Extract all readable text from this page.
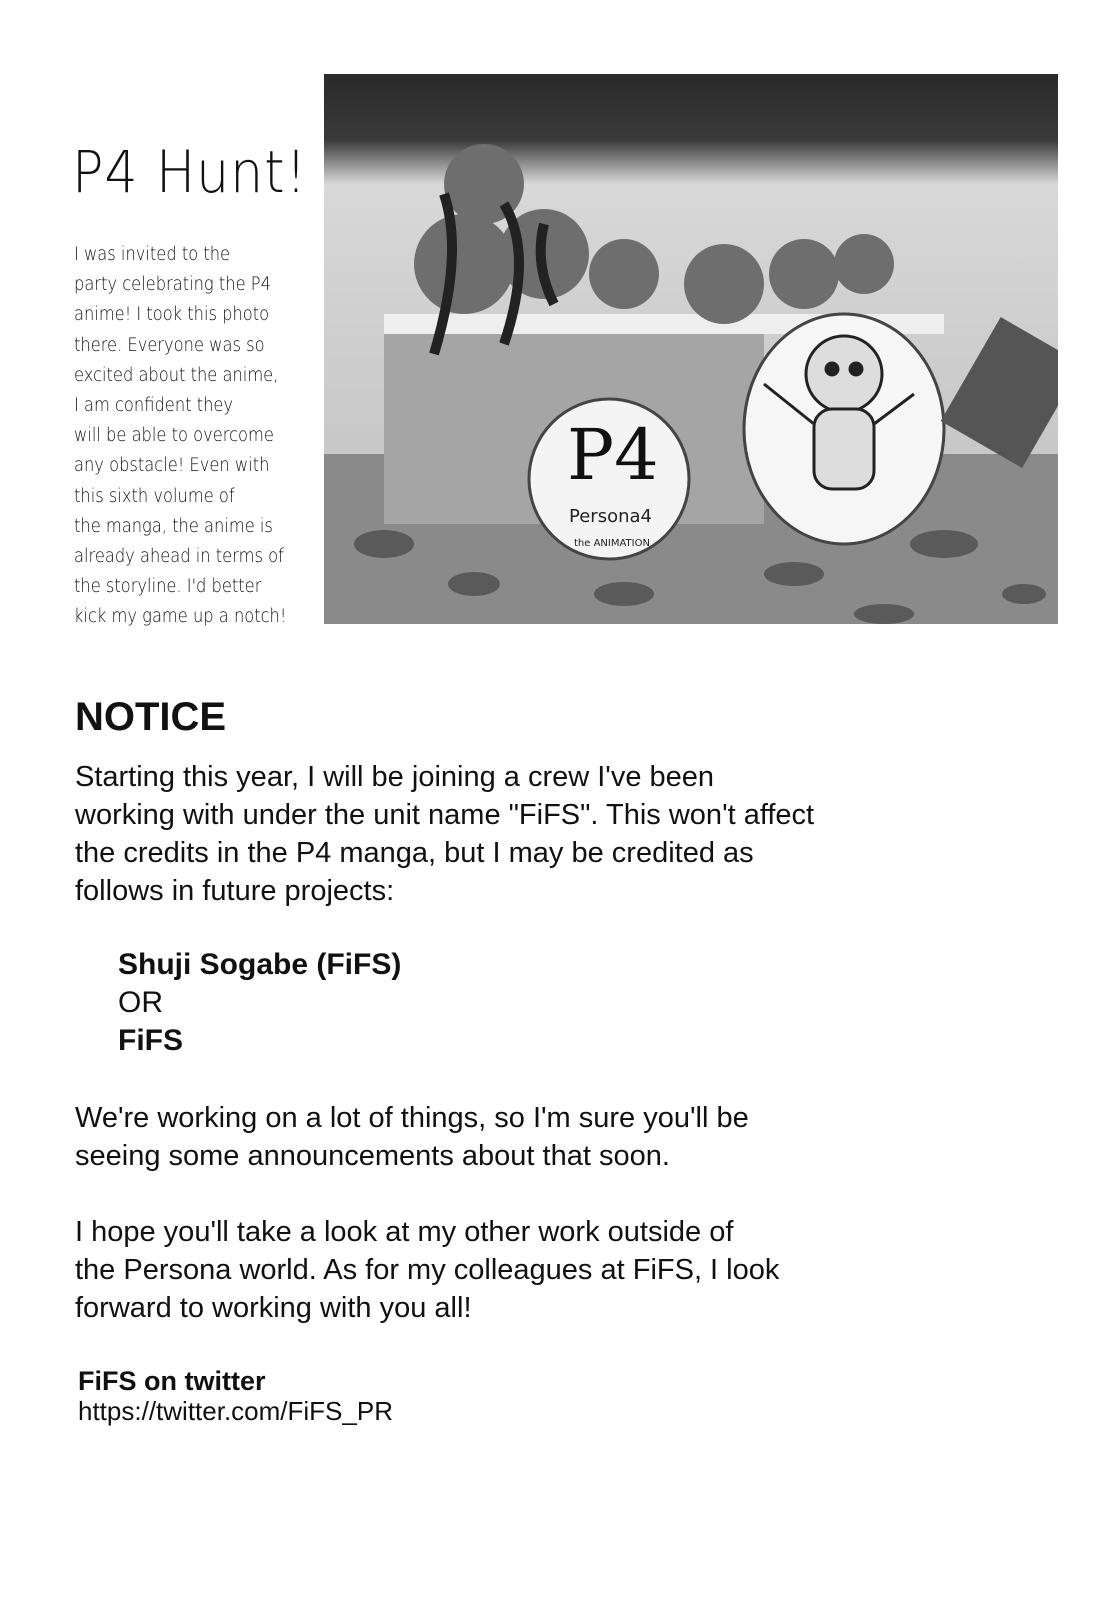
P4 Hunt!
I was invited to the
party celebrating the P4
anime! I took this photo
there. Everyone was so
excited about the anime,
I am confident they
will be able to overcome
any obstacle! Even with
this sixth volume of
the manga, the anime is
already ahead in terms of
the storyline. I'd better
kick my game up a notch!
P4
Persona4
the ANIMATION
NOTICE
Starting this year, I will be joining a crew I've been
working with under the unit name "FiFS". This won't affect
the credits in the P4 manga, but I may be credited as
follows in future projects:
Shuji Sogabe (FiFS)
OR
FiFS
We're working on a lot of things, so I'm sure you'll be
seeing some announcements about that soon.
I hope you'll take a look at my other work outside of
the Persona world. As for my colleagues at FiFS, I look
forward to working with you all!
FiFS on twitter
https://twitter.com/FiFS_PR
